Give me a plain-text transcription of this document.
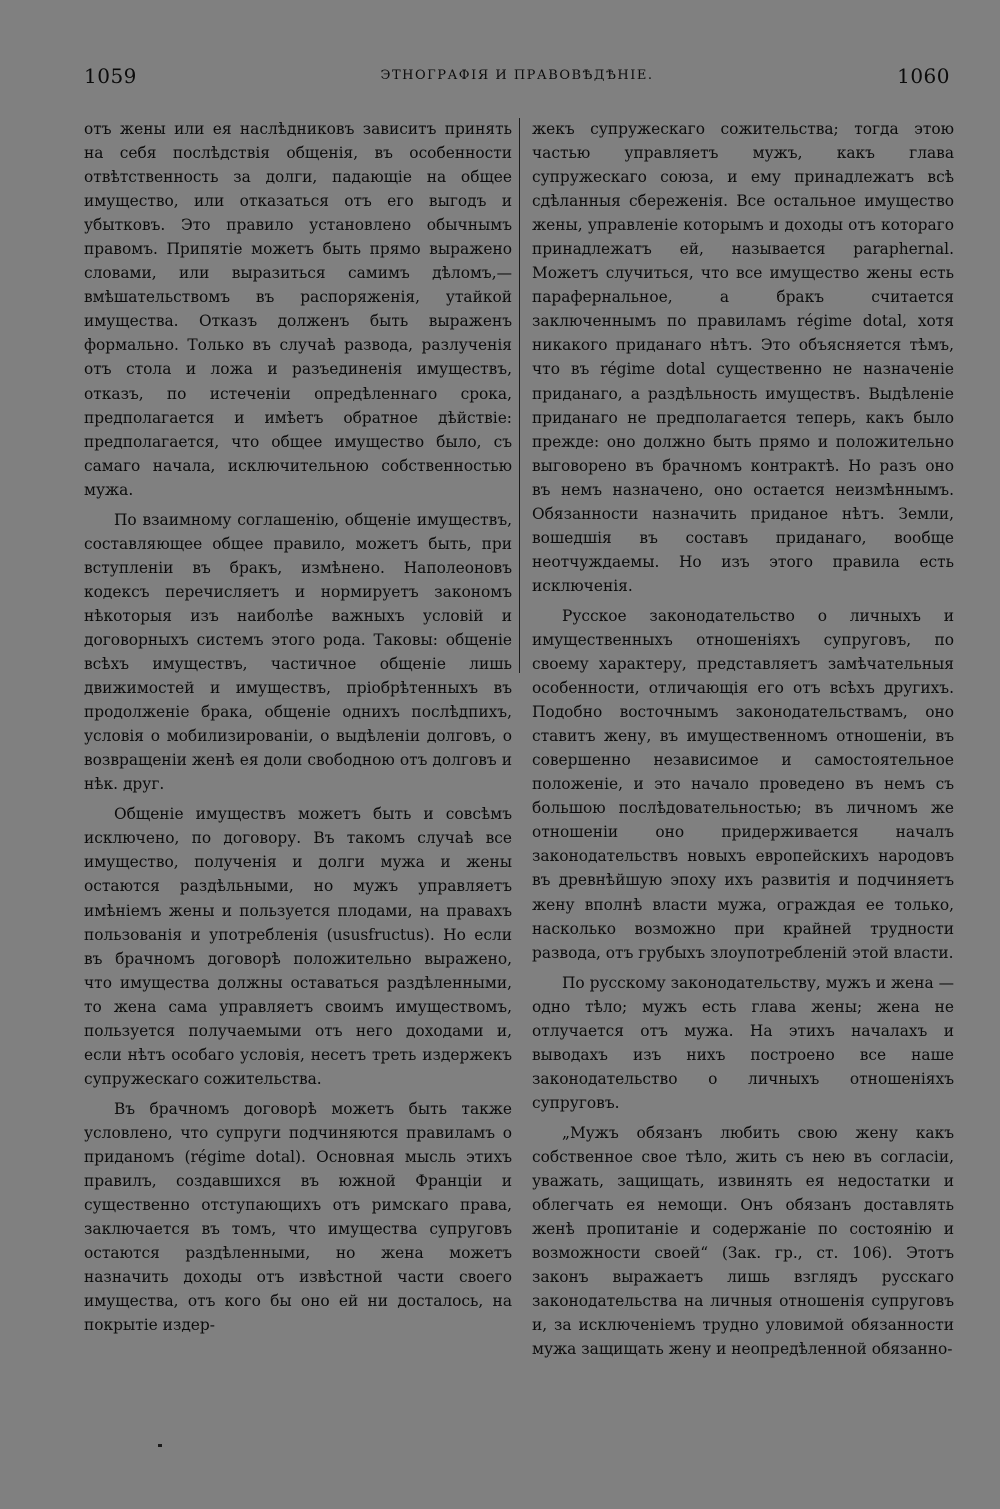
1059	ЭТНОГРАФІЯ И ПРАВОВѢДѢНІЕ.	1060

отъ жены или ея наслѣдниковъ зависитъ принять на себя послѣдствія общенія, въ особенности отвѣтственность за долги, падающіе на общее имущество, или отказаться отъ его выгодъ и убытковъ. Это правило установлено обычнымъ правомъ. Припятіе можетъ быть прямо выражено словами, или выразиться самимъ дѣломъ,—вмѣшательствомъ въ распоряженія, утайкой имущества. Отказъ долженъ быть выраженъ формально. Только въ случаѣ развода, разлученія отъ стола и ложа и разъединенія имуществъ, отказъ, по истеченіи опредѣленнаго срока, предполагается и имѣетъ обратное дѣйствіе: предполагается, что общее имущество было, съ самаго начала, исключительною собственностью мужа.

По взаимному соглашенію, общеніе имуществъ, составляющее общее правило, можетъ быть, при вступленіи въ бракъ, измѣнено. Наполеоновъ кодексъ перечисляетъ и нормируетъ закономъ нѣкоторыя изъ наиболѣе важныхъ условій и договорныхъ системъ этого рода. Таковы: общеніе всѣхъ имуществъ, частичное общеніе лишь движимостей и имуществъ, пріобрѣтенныхъ въ продолженіе брака, общеніе однихъ послѣдпихъ, условія о мобилизированіи, о выдѣленіи долговъ, о возвращеніи женѣ ея доли свободною отъ долговъ и нѣк. друг.

Общеніе имуществъ можетъ быть и совсѣмъ исключено, по договору. Въ такомъ случаѣ все имущество, полученія и долги мужа и жены остаются раздѣльными, но мужъ управляетъ имѣніемъ жены и пользуется плодами, на правахъ пользованія и употребленія (ususfructus). Но если въ брачномъ договорѣ положительно выражено, что имущества должны оставаться раздѣленными, то жена сама управляетъ своимъ имуществомъ, пользуется получаемыми отъ него доходами и, если нѣтъ особаго условія, несетъ треть издержекъ супружескаго сожительства.

Въ брачномъ договорѣ можетъ быть также условлено, что супруги подчиняются правиламъ о приданомъ (régime dotal). Основная мысль этихъ правилъ, создавшихся въ южной Франціи и существенно отступающихъ отъ римскаго права, заключается въ томъ, что имущества супруговъ остаются раздѣленными, но жена можетъ назначить доходы отъ извѣстной части своего имущества, отъ кого бы оно ей ни досталось, на покрытіе издер-

жекъ супружескаго сожительства; тогда этою частью управляетъ мужъ, какъ глава супружескаго союза, и ему принадлежатъ всѣ сдѣланныя сбереженія. Все остальное имущество жены, управленіе которымъ и доходы отъ котораго принадлежатъ ей, называется paraphernal. Можетъ случиться, что все имущество жены есть парафернальное, а бракъ считается заключеннымъ по правиламъ régime dotal, хотя никакого приданаго нѣтъ. Это объясняется тѣмъ, что въ régime dotal существенно не назначеніе приданаго, а раздѣльность имуществъ. Выдѣленіе приданаго не предполагается теперь, какъ было прежде: оно должно быть прямо и положительно выговорено въ брачномъ контрактѣ. Но разъ оно въ немъ назначено, оно остается неизмѣннымъ. Обязанности назначить приданое нѣтъ. Земли, вошедшія въ составъ приданаго, вообще неотчуждаемы. Но изъ этого правила есть исключенія.

Русское законодательство о личныхъ и имущественныхъ отношеніяхъ супруговъ, по своему характеру, представляетъ замѣчательныя особенности, отличающія его отъ всѣхъ другихъ. Подобно восточнымъ законодательствамъ, оно ставитъ жену, въ имущественномъ отношеніи, въ совершенно независимое и самостоятельное положеніе, и это начало проведено въ немъ съ большою послѣдовательностью; въ личномъ же отношеніи оно придерживается началъ законодательствъ новыхъ европейскихъ народовъ въ древнѣйшую эпоху ихъ развитія и подчиняетъ жену вполнѣ власти мужа, ограждая ее только, насколько возможно при крайней трудности развода, отъ грубыхъ злоупотребленій этой власти.

По русскому законодательству, мужъ и жена —одно тѣло; мужъ есть глава жены; жена не отлучается отъ мужа. На этихъ началахъ и выводахъ изъ нихъ построено все наше законодательство о личныхъ отношеніяхъ супруговъ.

„Мужъ обязанъ любить свою жену какъ собственное свое тѣло, жить съ нею въ согласіи, уважать, защищать, извинять ея недостатки и облегчать ея немощи. Онъ обязанъ доставлять женѣ пропитаніе и содержаніе по состоянію и возможности своей“ (Зак. гр., ст. 106). Этотъ законъ выражаетъ лишь взглядъ русскаго законодательства на личныя отношенія супруговъ и, за исключеніемъ трудно уловимой обязанности мужа защищать жену и неопредѣленной обязанно-
